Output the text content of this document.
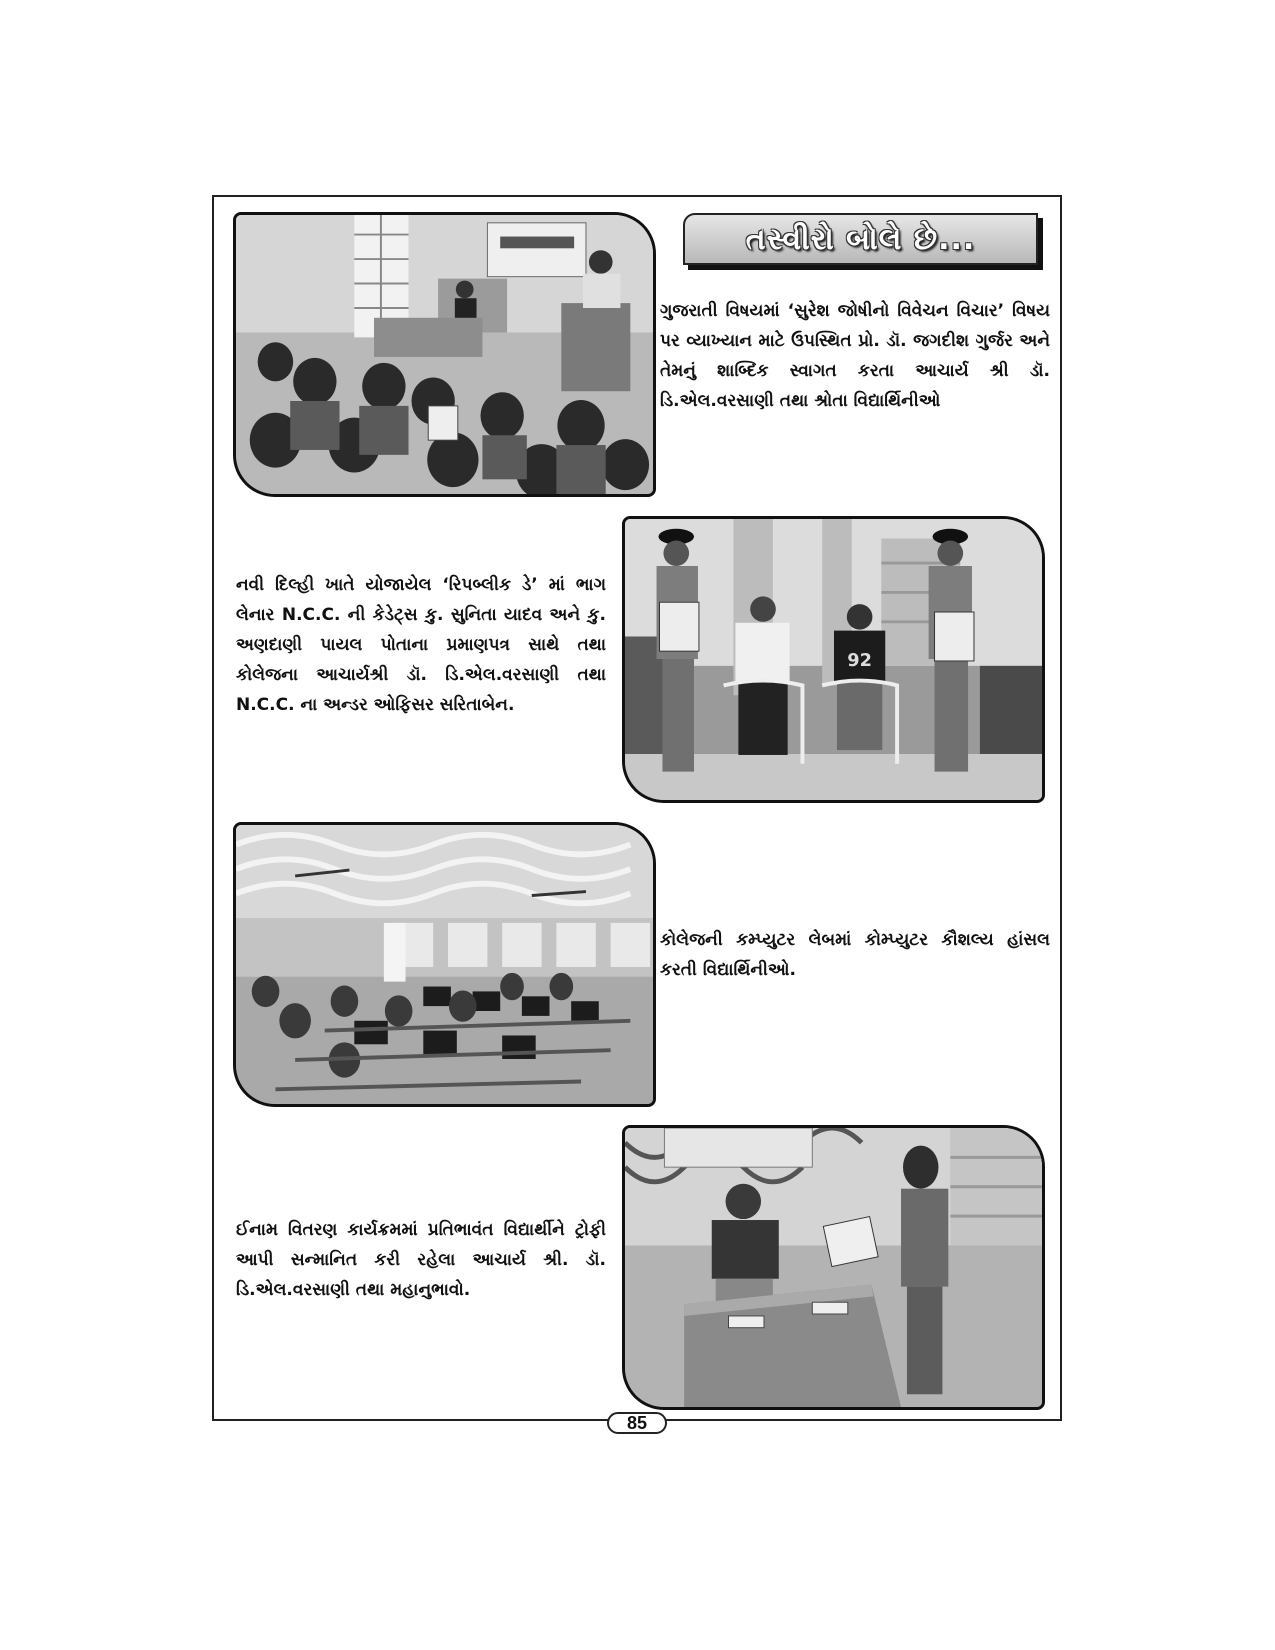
તસ્વીરો બોલે છે...
ગુજરાતી વિષયમાં ‘સુરેશ જોષીનો વિવેચન વિચાર’ વિષય પર વ્યાખ્યાન માટે ઉપસ્થિત પ્રો. ડૉ. જગદીશ ગુર્જર અને તેમનું શાબ્દિક સ્વાગત કરતા આચાર્ય શ્રી ડૉ. ડિ.એલ.વરસાણી તથા શ્રોતા વિદ્યાર્થિનીઓ
92
નવી દિલ્હી ખાતે યોજાયેલ ‘રિપબ્લીક ડે’ માં ભાગ લેનાર N.C.C. ની કેડેટ્સ કુ. સુનિતા યાદવ અને કુ. અણદાણી પાયલ પોતાના પ્રમાણપત્ર સાથે તથા કોલેજના આચાર્યશ્રી ડૉ. ડિ.એલ.વરસાણી તથા N.C.C. ના અન્ડર ઓફિસર સરિતાબેન.
કોલેજની કમ્પ્યુટર લેબમાં કોમ્પ્યુટર કૌશલ્ય હાંસલ કરતી વિદ્યાર્થિનીઓ.
ઈનામ વિતરણ કાર્યક્રમમાં પ્રતિભાવંત વિદ્યાર્થીને ટ્રોફી આપી સન્માનિત કરી રહેલા આચાર્ય શ્રી. ડૉ. ડિ.એલ.વરસાણી તથા મહાનુભાવો.
85
